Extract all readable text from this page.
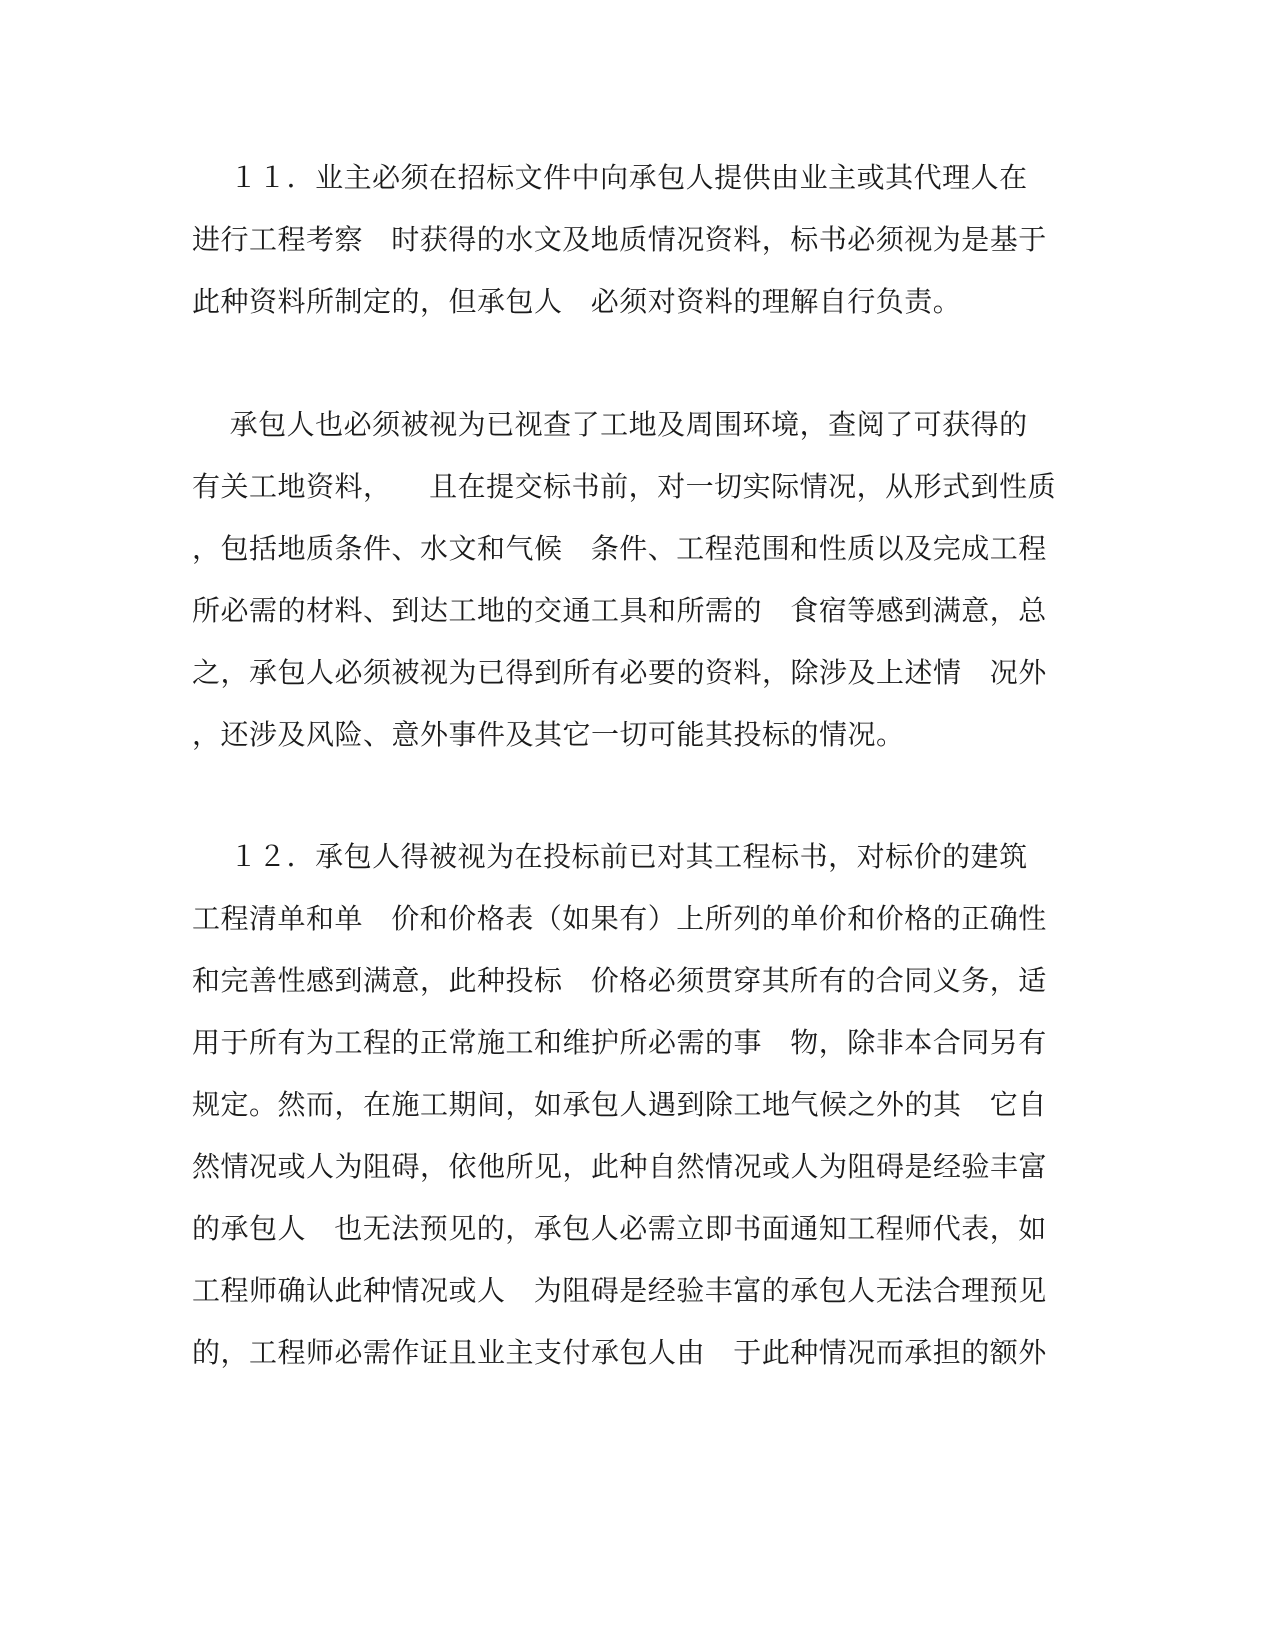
１１．业主必须在招标文件中向承包人提供由业主或其代理人在
进行工程考察   时获得的水文及地质情况资料，标书必须视为是基于
此种资料所制定的，但承包人   必须对资料的理解自行负责。
承包人也必须被视为已视查了工地及周围环境，查阅了可获得的
有关工地资料，    且在提交标书前，对一切实际情况，从形式到性质
，包括地质条件、水文和气候   条件、工程范围和性质以及完成工程
所必需的材料、到达工地的交通工具和所需的   食宿等感到满意，总
之，承包人必须被视为已得到所有必要的资料，除涉及上述情   况外
，还涉及风险、意外事件及其它一切可能其投标的情况。
１２．承包人得被视为在投标前已对其工程标书，对标价的建筑
工程清单和单   价和价格表（如果有）上所列的单价和价格的正确性
和完善性感到满意，此种投标   价格必须贯穿其所有的合同义务，适
用于所有为工程的正常施工和维护所必需的事   物，除非本合同另有
规定。然而，在施工期间，如承包人遇到除工地气候之外的其   它自
然情况或人为阻碍，依他所见，此种自然情况或人为阻碍是经验丰富
的承包人   也无法预见的，承包人必需立即书面通知工程师代表，如
工程师确认此种情况或人   为阻碍是经验丰富的承包人无法合理预见
的，工程师必需作证且业主支付承包人由   于此种情况而承担的额外
